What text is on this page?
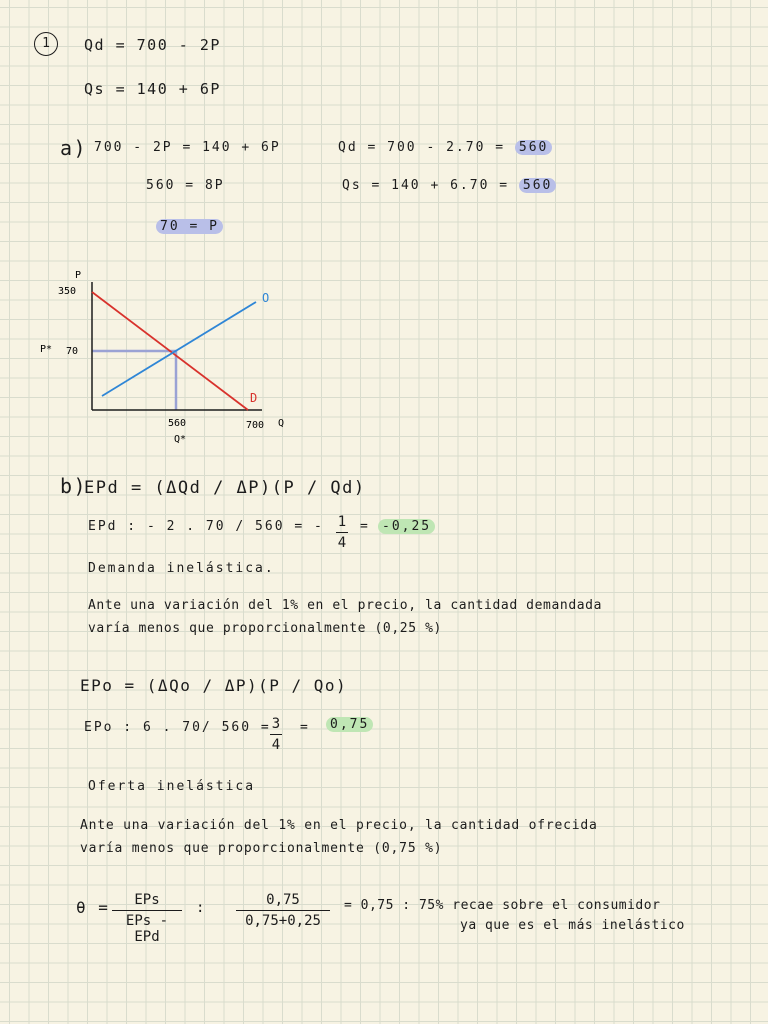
1	Qd = 700 - 2P
Qs = 140 + 6P
a) 700 - 2P = 140 + 6P
560 = 8P
70 = P
Qd = 700 - 2.70 = 560
Qs = 140 + 6.70 = 560
P
350
P* 70
O
D
560
Q*
700 Q
b)
EPd = (ΔQd / ΔP)(P / Qd)
EPd : - 2 . 70 / 560 = - 1
4
= -0,25
Demanda inelástica.
Ante una variación del 1% en el precio, la cantidad demandada
varía menos que proporcionalmente (0,25 %)
EPo = (ΔQo / ΔP)(P / Qo)
EPo : 6 . 70/ 560 = 3
4
=	0,75
Oferta inelástica
Ante una variación del 1% en el precio, la cantidad ofrecida
varía menos que proporcionalmente (0,75 %)
θ =	EPs
EPs - EPd
:	0,75
0,75+0,25
= 0,75 : 75% recae sobre el consumidor
ya que es el más inelástico
